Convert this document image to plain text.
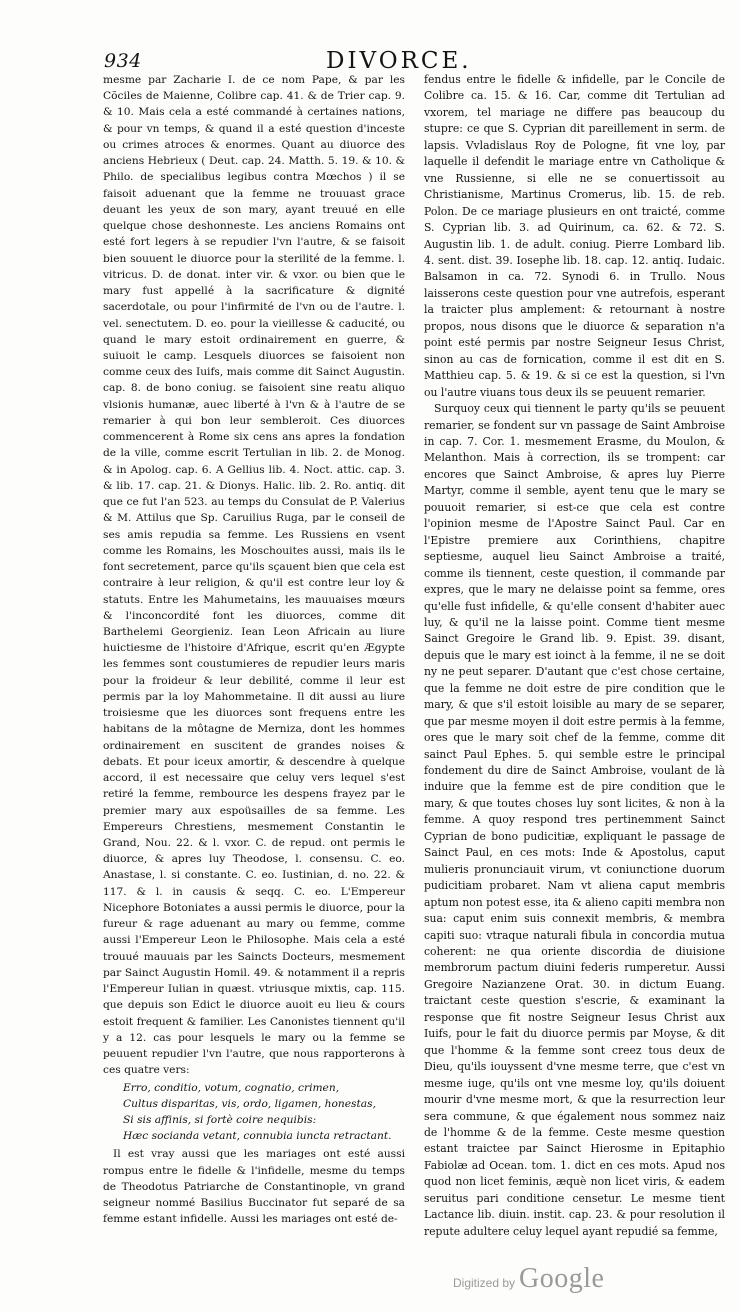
934	DIVORCE.

mesme par Zacharie I. de ce nom Pape, & par les Cõciles de Maienne, Colibre cap. 41. & de Trier cap. 9. & 10. Mais cela a esté commandé à certaines nations, & pour vn temps, & quand il a esté question d'inceste ou crimes atroces & enormes. Quant au diuorce des anciens Hebrieux ( Deut. cap. 24. Matth. 5. 19. & 10. & Philo. de specialibus legibus contra Mœchos ) il se faisoit aduenant que la femme ne trouuast grace deuant les yeux de son mary, ayant treuué en elle quelque chose deshonneste. Les anciens Romains ont esté fort legers à se repudier l'vn l'autre, & se faisoit bien souuent le diuorce pour la sterilité de la femme. l. vitricus. D. de donat. inter vir. & vxor. ou bien que le mary fust appellé à la sacrificature & dignité sacerdotale, ou pour l'infirmité de l'vn ou de l'autre. l. vel. senectutem. D. eo. pour la vieillesse & caducité, ou quand le mary estoit ordinairement en guerre, & suiuoit le camp. Lesquels diuorces se faisoient non comme ceux des Iuifs, mais comme dit Sainct Augustin. cap. 8. de bono coniug. se faisoient sine reatu aliquo vlsionis humanæ, auec liberté à l'vn & à l'autre de se remarier à qui bon leur sembleroit. Ces diuorces commencerent à Rome six cens ans apres la fondation de la ville, comme escrit Tertulian in lib. 2. de Monog. & in Apolog. cap. 6. A Gellius lib. 4. Noct. attic. cap. 3. & lib. 17. cap. 21. & Dionys. Halic. lib. 2. Ro. antiq. dit que ce fut l'an 523. au temps du Consulat de P. Valerius & M. Attilus que Sp. Caruilius Ruga, par le conseil de ses amis repudia sa femme. Les Russiens en vsent comme les Romains, les Moschouites aussi, mais ils le font secretement, parce qu'ils sçauent bien que cela est contraire à leur religion, & qu'il est contre leur loy & statuts. Entre les Mahumetains, les mauuaises mœurs & l'inconcordité font les diuorces, comme dit Barthelemi Georgieniz. Iean Leon Africain au liure huictiesme de l'histoire d'Afrique, escrit qu'en Ægypte les femmes sont coustumieres de repudier leurs maris pour la froideur & leur debilité, comme il leur est permis par la loy Mahommetaine. Il dit aussi au liure troisiesme que les diuorces sont frequens entre les habitans de la môtagne de Merniza, dont les hommes ordinairement en suscitent de grandes noises & debats. Et pour iceux amortir, & descendre à quelque accord, il est necessaire que celuy vers lequel s'est retiré la femme, rembource les despens frayez par le premier mary aux espoüsailles de sa femme. Les Empereurs Chrestiens, mesmement Constantin le Grand, Nou. 22. & l. vxor. C. de repud. ont permis le diuorce, & apres luy Theodose, l. consensu. C. eo. Anastase, l. si constante. C. eo. Iustinian, d. no. 22. & 117. & l. in causis & seqq. C. eo. L'Empereur Nicephore Botoniates a aussi permis le diuorce, pour la fureur & rage aduenant au mary ou femme, comme aussi l'Empereur Leon le Philosophe. Mais cela a esté trouué mauuais par les Saincts Docteurs, mesmement par Sainct Augustin Homil. 49. & notamment il a repris l'Empereur Iulian in quæst. vtriusque mixtis, cap. 115. que depuis son Edict le diuorce auoit eu lieu & cours estoit frequent & familier. Les Canonistes tiennent qu'il y a 12. cas pour lesquels le mary ou la femme se peuuent repudier l'vn l'autre, que nous rapporterons à ces quatre vers:

Erro, conditio, votum, cognatio, crimen,
Cultus disparitas, vis, ordo, ligamen, honestas,
Si sis affinis, si fortè coire nequibis:
Hæc socianda vetant, connubia iuncta retractant.

Il est vray aussi que les mariages ont esté aussi rompus entre le fidelle & l'infidelle, mesme du temps de Theodotus Patriarche de Constantinople, vn grand seigneur nommé Basilius Buccinator fut separé de sa femme estant infidelle. Aussi les mariages ont esté de-

fendus entre le fidelle & infidelle, par le Concile de Colibre ca. 15. & 16. Car, comme dit Tertulian ad vxorem, tel mariage ne differe pas beaucoup du stupre: ce que S. Cyprian dit pareillement in serm. de lapsis. Vvladislaus Roy de Pologne, fit vne loy, par laquelle il defendit le mariage entre vn Catholique & vne Russienne, si elle ne se conuertissoit au Christianisme, Martinus Cromerus, lib. 15. de reb. Polon. De ce mariage plusieurs en ont traicté, comme S. Cyprian lib. 3. ad Quirinum, ca. 62. & 72. S. Augustin lib. 1. de adult. coniug. Pierre Lombard lib. 4. sent. dist. 39. Iosephe lib. 18. cap. 12. antiq. Iudaic. Balsamon in ca. 72. Synodi 6. in Trullo. Nous laisserons ceste question pour vne autrefois, esperant la traicter plus amplement: & retournant à nostre propos, nous disons que le diuorce & separation n'a point esté permis par nostre Seigneur Iesus Christ, sinon au cas de fornication, comme il est dit en S. Matthieu cap. 5. & 19. & si ce est la question, si l'vn ou l'autre viuans tous deux ils se peuuent remarier.

Surquoy ceux qui tiennent le party qu'ils se peuuent remarier, se fondent sur vn passage de Saint Ambroise in cap. 7. Cor. 1. mesmement Erasme, du Moulon, & Melanthon. Mais à correction, ils se trompent: car encores que Sainct Ambroise, & apres luy Pierre Martyr, comme il semble, ayent tenu que le mary se pouuoit remarier, si est-ce que cela est contre l'opinion mesme de l'Apostre Sainct Paul. Car en l'Epistre premiere aux Corinthiens, chapitre septiesme, auquel lieu Sainct Ambroise a traité, comme ils tiennent, ceste question, il commande par expres, que le mary ne delaisse point sa femme, ores qu'elle fust infidelle, & qu'elle consent d'habiter auec luy, & qu'il ne la laisse point. Comme tient mesme Sainct Gregoire le Grand lib. 9. Epist. 39. disant, depuis que le mary est ioinct à la femme, il ne se doit ny ne peut separer. D'autant que c'est chose certaine, que la femme ne doit estre de pire condition que le mary, & que s'il estoit loisible au mary de se separer, que par mesme moyen il doit estre permis à la femme, ores que le mary soit chef de la femme, comme dit sainct Paul Ephes. 5. qui semble estre le principal fondement du dire de Sainct Ambroise, voulant de là induire que la femme est de pire condition que le mary, & que toutes choses luy sont licites, & non à la femme. A quoy respond tres pertinemment Sainct Cyprian de bono pudicitiæ, expliquant le passage de Sainct Paul, en ces mots: Inde & Apostolus, caput mulieris pronunciauit virum, vt coniunctione duorum pudicitiam probaret. Nam vt aliena caput membris aptum non potest esse, ita & alieno capiti membra non sua: caput enim suis connexit membris, & membra capiti suo: vtraque naturali fibula in concordia mutua coherent: ne qua oriente discordia de diuisione membrorum pactum diuini federis rumperetur. Aussi Gregoire Nazianzene Orat. 30. in dictum Euang. traictant ceste question s'escrie, & examinant la response que fit nostre Seigneur Iesus Christ aux Iuifs, pour le fait du diuorce permis par Moyse, & dit que l'homme & la femme sont creez tous deux de Dieu, qu'ils iouyssent d'vne mesme terre, que c'est vn mesme iuge, qu'ils ont vne mesme loy, qu'ils doiuent mourir d'vne mesme mort, & que la resurrection leur sera commune, & que également nous sommez naiz de l'homme & de la femme. Ceste mesme question estant traictee par Sainct Hierosme in Epitaphio Fabiolæ ad Ocean. tom. 1. dict en ces mots. Apud nos quod non licet feminis, æquè non licet viris, & eadem seruitus pari conditione censetur. Le mesme tient Lactance lib. diuin. instit. cap. 23. & pour resolution il repute adultere celuy lequel ayant repudié sa femme,

Digitized by Google
